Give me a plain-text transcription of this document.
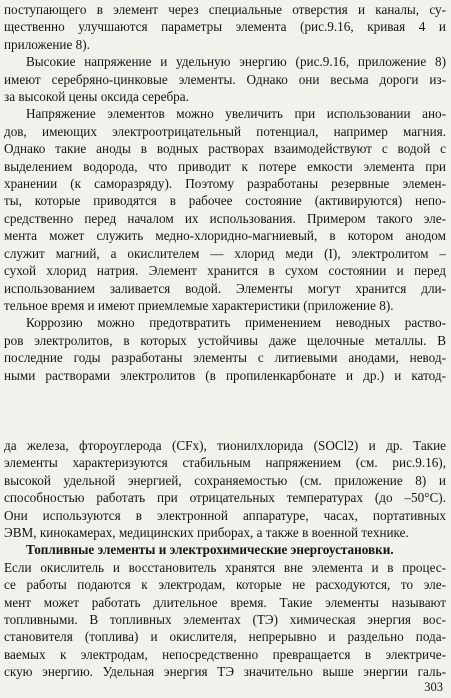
поступающего в элемент через специальные отверстия и каналы, су-
щественно улучшаются параметры элемента (рис.9.16, кривая 4 и
приложение 8).
Высокие напряжение и удельную энергию (рис.9.16, приложение 8)
имеют серебряно-цинковые элементы. Однако они весьма дороги из-
за высокой цены оксида серебра.
Напряжение элементов можно увеличить при использовании ано-
дов, имеющих электроотрицательный потенциал, например магния.
Однако такие аноды в водных растворах взаимодействуют с водой с
выделением водорода, что приводит к потере емкости элемента при
хранении (к саморазряду). Поэтому разработаны резервные элемен-
ты, которые приводятся в рабочее состояние (активируются) непо-
средственно перед началом их использования. Примером такого эле-
мента может служить медно-хлоридно-магниевый, в котором анодом
служит магний, а окислителем — хлорид меди (I), электролитом –
сухой хлорид натрия. Элемент хранится в сухом состоянии и перед
использованием заливается водой. Элементы могут хранится дли-
тельное время и имеют приемлемые характеристики (приложение 8).
Коррозию можно предотвратить применением неводных раство-
ров электролитов, в которых устойчивы даже щелочные металлы. В
последние годы разработаны элементы с литиевыми анодами, невод-
ными растворами электролитов (в пропиленкарбонате и др.) и катод-
да железа, фтороуглерода (CFx), тионилхлорида (SOCl2) и др. Такие
элементы характеризуются стабильным напряжением (см. рис.9.16),
высокой удельной энергией, сохраняемостью (см. приложение 8) и
способностью работать при отрицательных температурах (до –50°С).
Они используются в электронной аппаратуре, часах, портативных
ЭВМ, кинокамерах, медицинских приборах, а также в военной технике.
Топливные элементы и электрохимические энергоустановки.
Если окислитель и восстановитель хранятся вне элемента и в процес-
се работы подаются к электродам, которые не расходуются, то эле-
мент может работать длительное время. Такие элементы называют
топливными. В топливных элементах (ТЭ) химическая энергия вос-
становителя (топлива) и окислителя, непрерывно и раздельно пода-
ваемых к электродам, непосредственно превращается в электриче-
скую энергию. Удельная энергия ТЭ значительно выше энергии галь-
303
